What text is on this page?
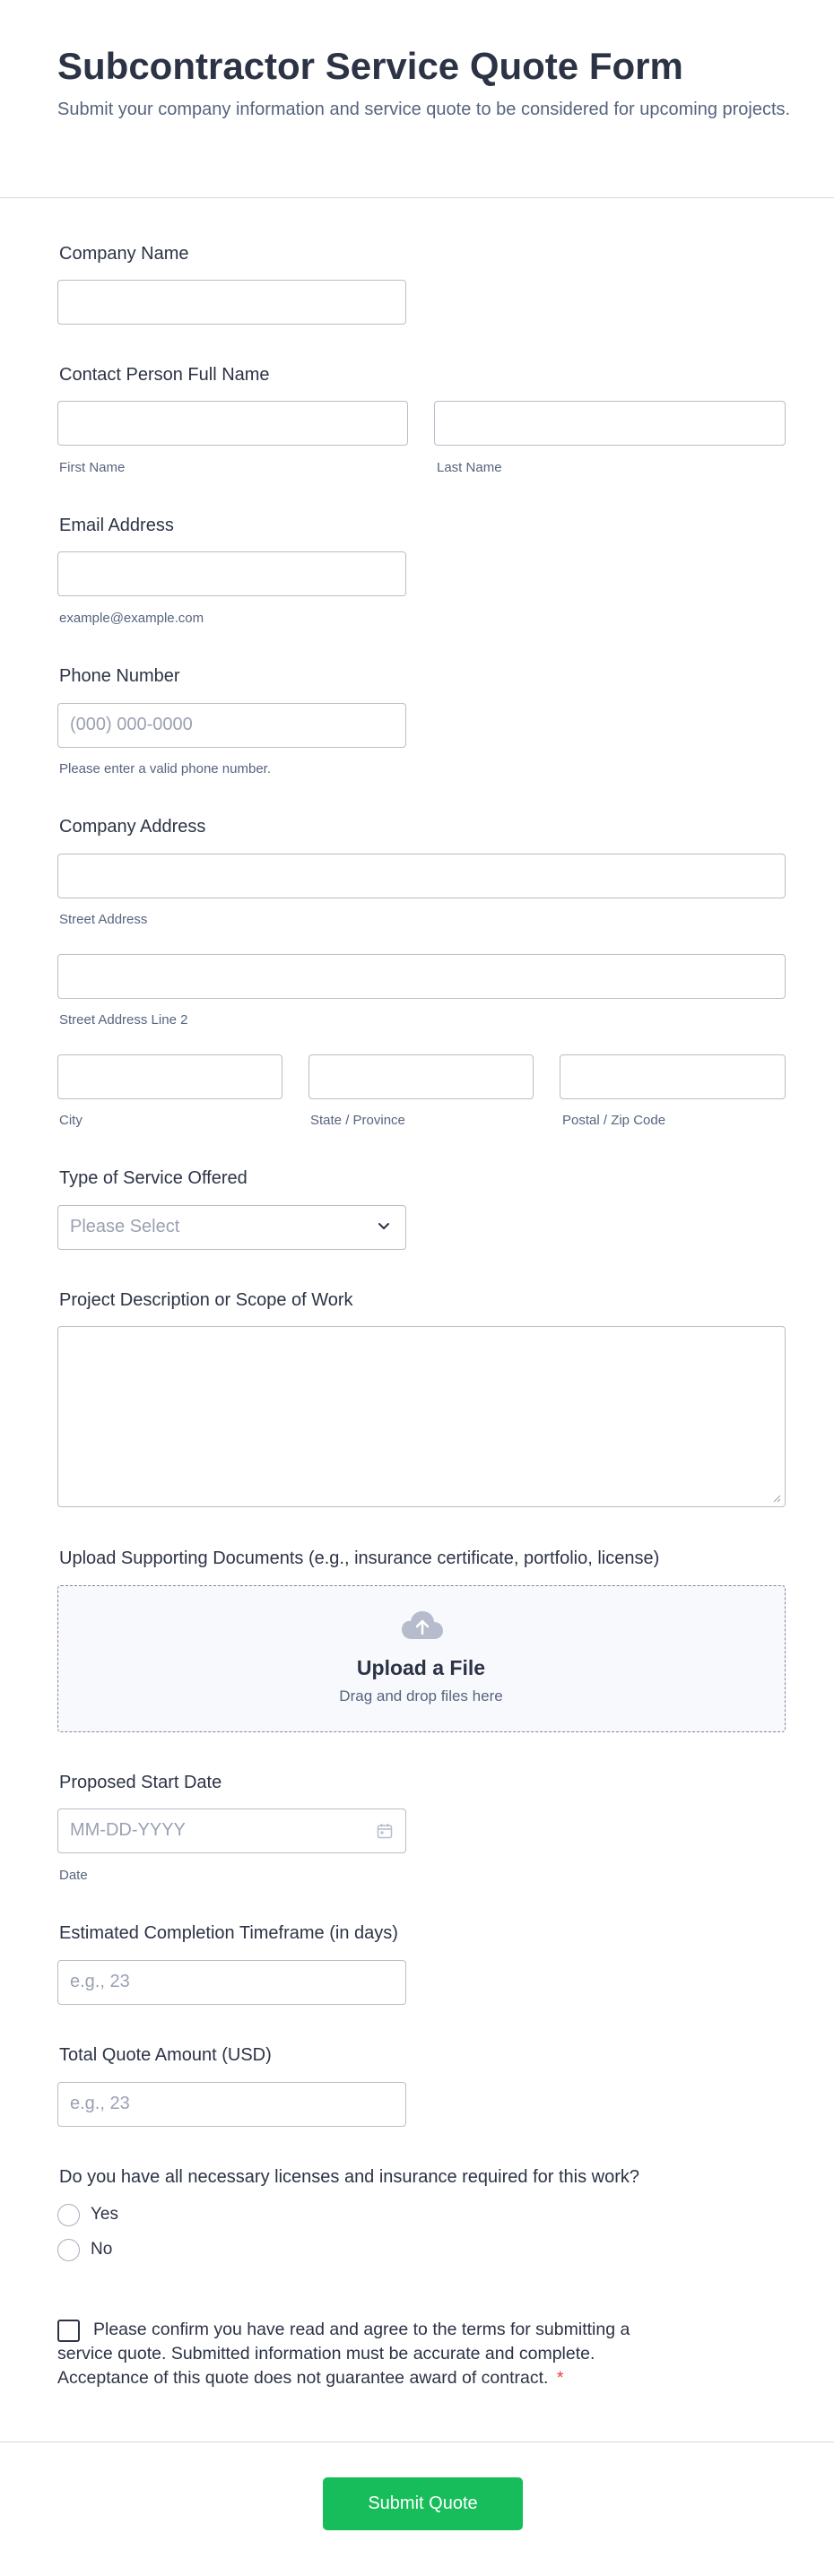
Subcontractor Service Quote Form
Submit your company information and service quote to be considered for upcoming projects.
Company Name
Contact Person Full Name
First Name	Last Name
Email Address
example@example.com
Phone Number
(000) 000-0000
Please enter a valid phone number.
Company Address
Street Address
Street Address Line 2
City	State / Province	Postal / Zip Code
Type of Service Offered
Please Select
Project Description or Scope of Work
Upload Supporting Documents (e.g., insurance certificate, portfolio, license)
Upload a File
Drag and drop files here
Proposed Start Date
MM-DD-YYYY
Date
Estimated Completion Timeframe (in days)
e.g., 23
Total Quote Amount (USD)
e.g., 23
Do you have all necessary licenses and insurance required for this work?
Yes
No
Please confirm you have read and agree to the terms for submitting a service quote. Submitted information must be accurate and complete. Acceptance of this quote does not guarantee award of contract. *
Submit Quote
